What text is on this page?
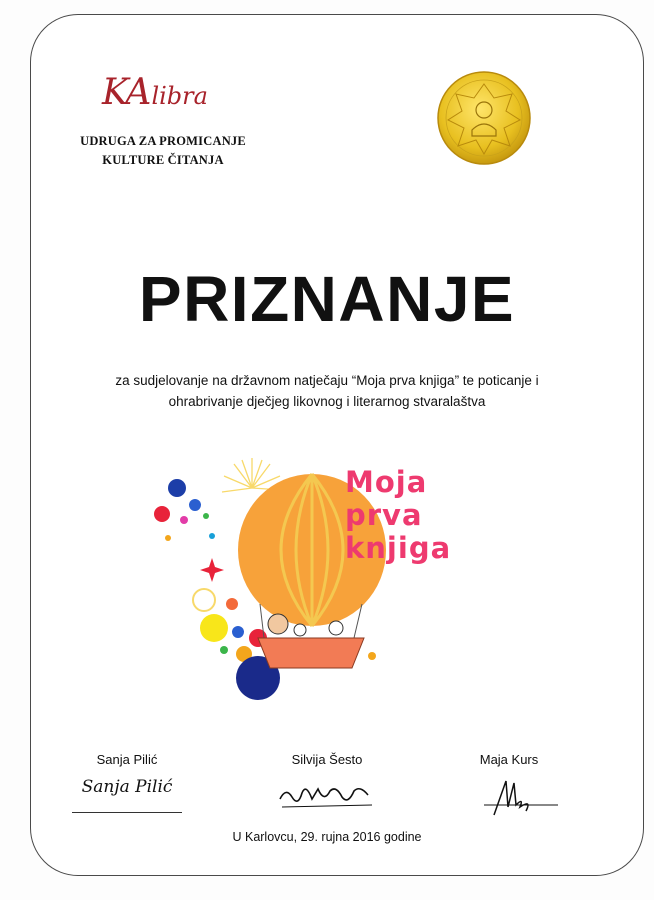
KAlibra
UDRUGA ZA PROMICANJE
KULTURE ČITANJA
PRIZNANJE
za sudjelovanje na državnom natječaju “Moja prva knjiga” te poticanje i
ohrabrivanje dječjeg likovnog i literarnog stvaralaštva
Moja
prva
knjiga
Sanja Pilić
Sanja Pilić
Silvija Šesto	Maja Kurs
U Karlovcu, 29. rujna 2016 godine
